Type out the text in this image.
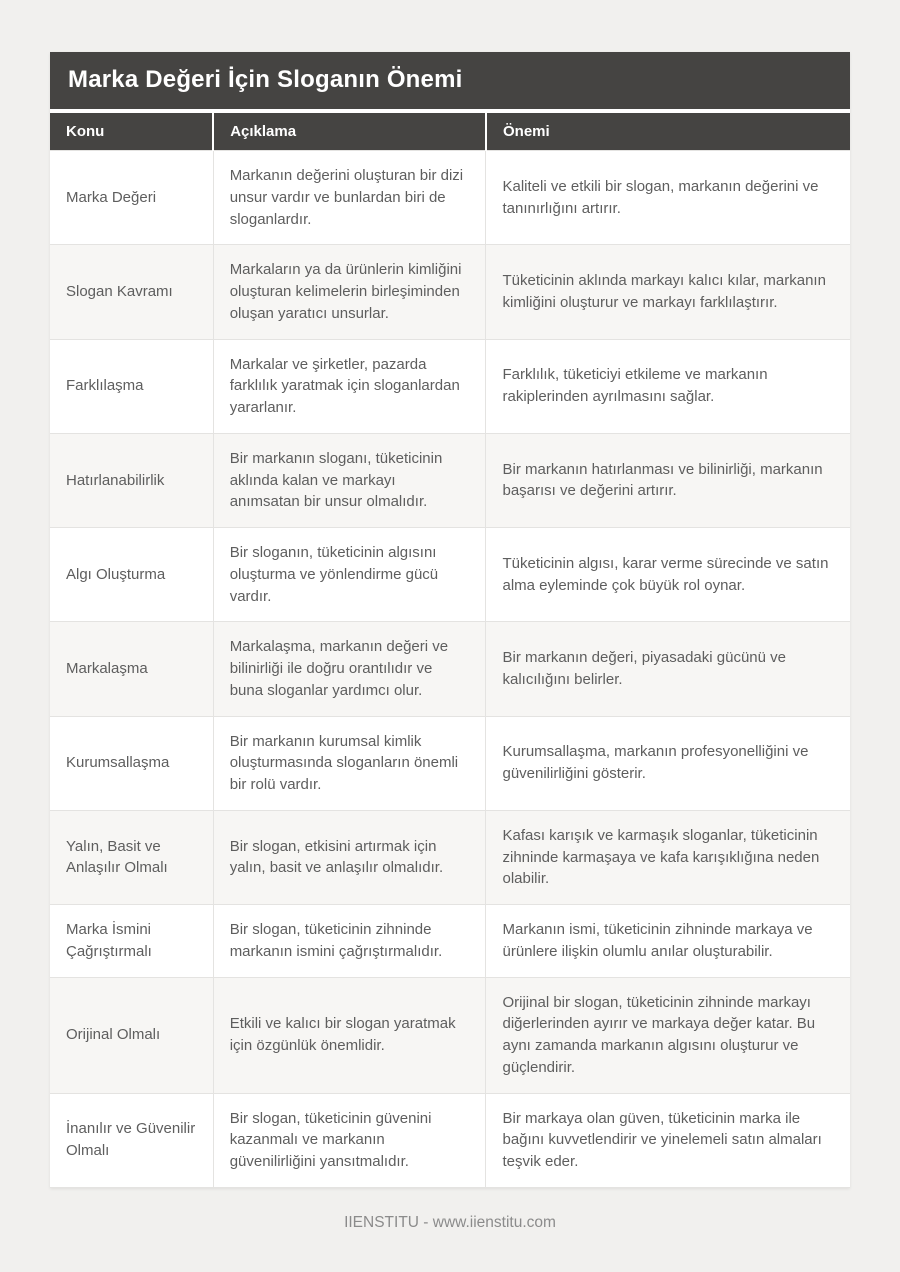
Marka Değeri İçin Sloganın Önemi
Konu	Açıklama	Önemi
Marka Değeri	Markanın değerini oluşturan bir dizi unsur vardır ve bunlardan biri de sloganlardır.	Kaliteli ve etkili bir slogan, markanın değerini ve tanınırlığını artırır.
Slogan Kavramı	Markaların ya da ürünlerin kimliğini oluşturan kelimelerin birleşiminden oluşan yaratıcı unsurlar.	Tüketicinin aklında markayı kalıcı kılar, markanın kimliğini oluşturur ve markayı farklılaştırır.
Farklılaşma	Markalar ve şirketler, pazarda farklılık yaratmak için sloganlardan yararlanır.	Farklılık, tüketiciyi etkileme ve markanın rakiplerinden ayrılmasını sağlar.
Hatırlanabilirlik	Bir markanın sloganı, tüketicinin aklında kalan ve markayı anımsatan bir unsur olmalıdır.	Bir markanın hatırlanması ve bilinirliği, markanın başarısı ve değerini artırır.
Algı Oluşturma	Bir sloganın, tüketicinin algısını oluşturma ve yönlendirme gücü vardır.	Tüketicinin algısı, karar verme sürecinde ve satın alma eyleminde çok büyük rol oynar.
Markalaşma	Markalaşma, markanın değeri ve bilinirliği ile doğru orantılıdır ve buna sloganlar yardımcı olur.	Bir markanın değeri, piyasadaki gücünü ve kalıcılığını belirler.
Kurumsallaşma	Bir markanın kurumsal kimlik oluşturmasında sloganların önemli bir rolü vardır.	Kurumsallaşma, markanın profesyonelliğini ve güvenilirliğini gösterir.
Yalın, Basit ve Anlaşılır Olmalı	Bir slogan, etkisini artırmak için yalın, basit ve anlaşılır olmalıdır.	Kafası karışık ve karmaşık sloganlar, tüketicinin zihninde karmaşaya ve kafa karışıklığına neden olabilir.
Marka İsmini Çağrıştırmalı	Bir slogan, tüketicinin zihninde markanın ismini çağrıştırmalıdır.	Markanın ismi, tüketicinin zihninde markaya ve ürünlere ilişkin olumlu anılar oluşturabilir.
Orijinal Olmalı	Etkili ve kalıcı bir slogan yaratmak için özgünlük önemlidir.	Orijinal bir slogan, tüketicinin zihninde markayı diğerlerinden ayırır ve markaya değer katar. Bu aynı zamanda markanın algısını oluşturur ve güçlendirir.
İnanılır ve Güvenilir Olmalı	Bir slogan, tüketicinin güvenini kazanmalı ve markanın güvenilirliğini yansıtmalıdır.	Bir markaya olan güven, tüketicinin marka ile bağını kuvvetlendirir ve yinelemeli satın almaları teşvik eder.
IIENSTITU - www.iienstitu.com
